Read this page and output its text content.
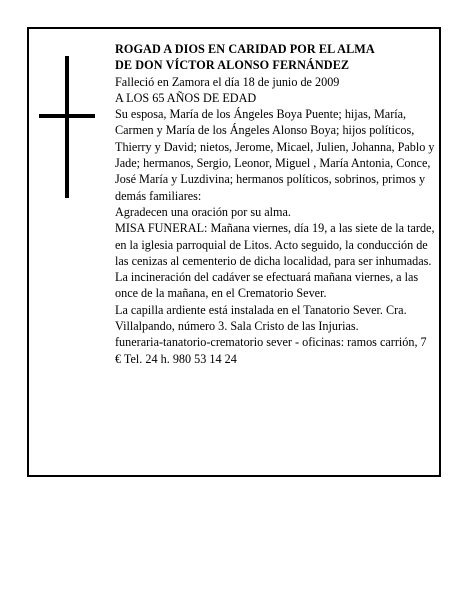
ROGAD A DIOS EN CARIDAD POR EL ALMA

DE DON VÍCTOR ALONSO FERNÁNDEZ

Falleció en Zamora el día 18 de junio de 2009

A LOS 65 AÑOS DE EDAD

Su esposa, María de los Ángeles Boya Puente; hijas, María, Carmen y María de los Ángeles Alonso Boya; hijos políticos, Thierry y David; nietos, Jerome, Micael, Julien, Johanna, Pablo y Jade; hermanos, Sergio, Leonor, Miguel , María Antonia, Conce, José María y Luzdivina; hermanos políticos, sobrinos, primos y demás familiares:

Agradecen una oración por su alma.

MISA FUNERAL: Mañana viernes, día 19, a las siete de la tarde, en la iglesia parroquial de Litos. Acto seguido, la conducción de las cenizas al cementerio de dicha localidad, para ser inhumadas.

La incineración del cadáver se efectuará mañana viernes, a las once de la mañana, en el Crematorio Sever.

La capilla ardiente está instalada en el Tanatorio Sever. Cra. Villalpando, número 3. Sala Cristo de las Injurias.

funeraria-tanatorio-crematorio sever - oficinas: ramos carrión, 7 € Tel. 24 h. 980 53 14 24
